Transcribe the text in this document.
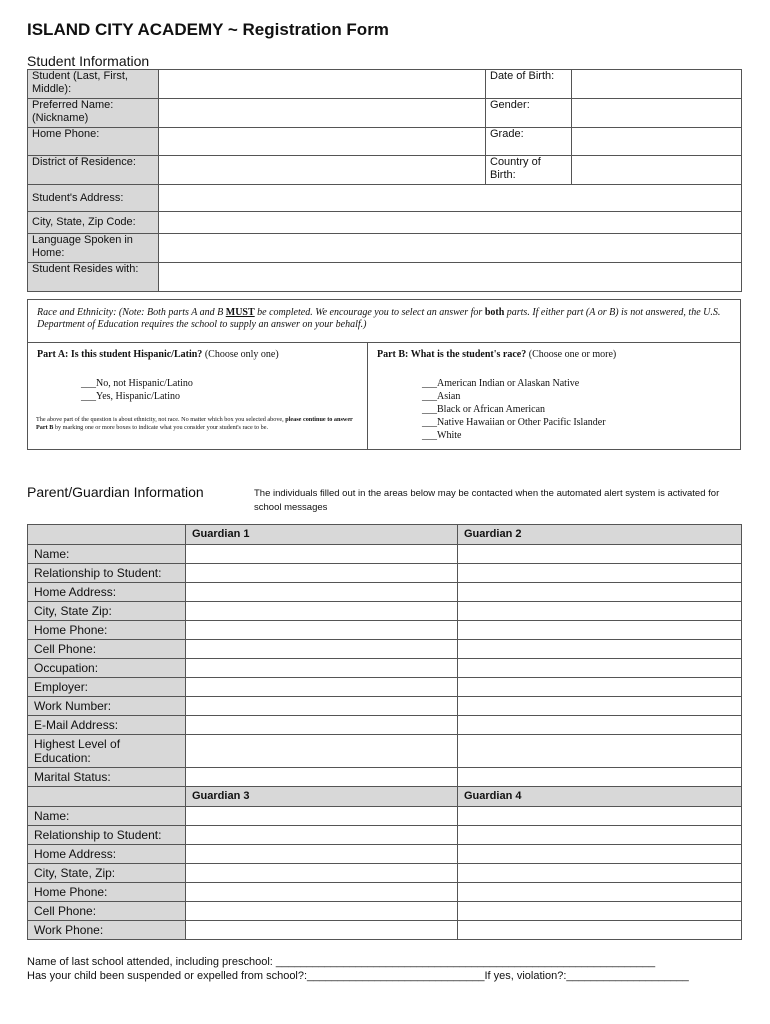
ISLAND CITY ACADEMY ~ Registration Form
Student Information
Student (Last, First, Middle):		Date of Birth:	
Preferred Name: (Nickname)		Gender:	
Home Phone:		Grade:	
District of Residence:		Country of Birth:	
Student's Address:			
City, State, Zip Code:			
Language Spoken in Home:			
Student Resides with:			
Race and Ethnicity: (Note: Both parts A and B MUST be completed. We encourage you to select an answer for both parts. If either part (A or B) is not answered, the U.S. Department of Education requires the school to supply an answer on your behalf.)
Part A: Is this student Hispanic/Latin? (Choose only one)
___No, not Hispanic/Latino
___Yes, Hispanic/Latino
The above part of the question is about ethnicity, not race. No matter which box you selected above, please continue to answer Part B by marking one or more boxes to indicate what you consider your student's race to be.
Part B: What is the student's race? (Choose one or more)
___American Indian or Alaskan Native
___Asian
___Black or African American
___Native Hawaiian or Other Pacific Islander
___White
Parent/Guardian Information	The individuals filled out in the areas below may be contacted when the automated alert system is activated for school messages
	Guardian 1	Guardian 2
Name:		
Relationship to Student:		
Home Address:		
City, State Zip:		
Home Phone:		
Cell Phone:		
Occupation:		
Employer:		
Work Number:		
E-Mail Address:		
Highest Level of Education:		
Marital Status:		
	Guardian 3	Guardian 4
Name:		
Relationship to Student:		
Home Address:		
City, State, Zip:		
Home Phone:		
Cell Phone:		
Work Phone:		
Name of last school attended, including preschool: ______________________________________________________________
Has your child been suspended or expelled from school?:_____________________________If yes, violation?:____________________
